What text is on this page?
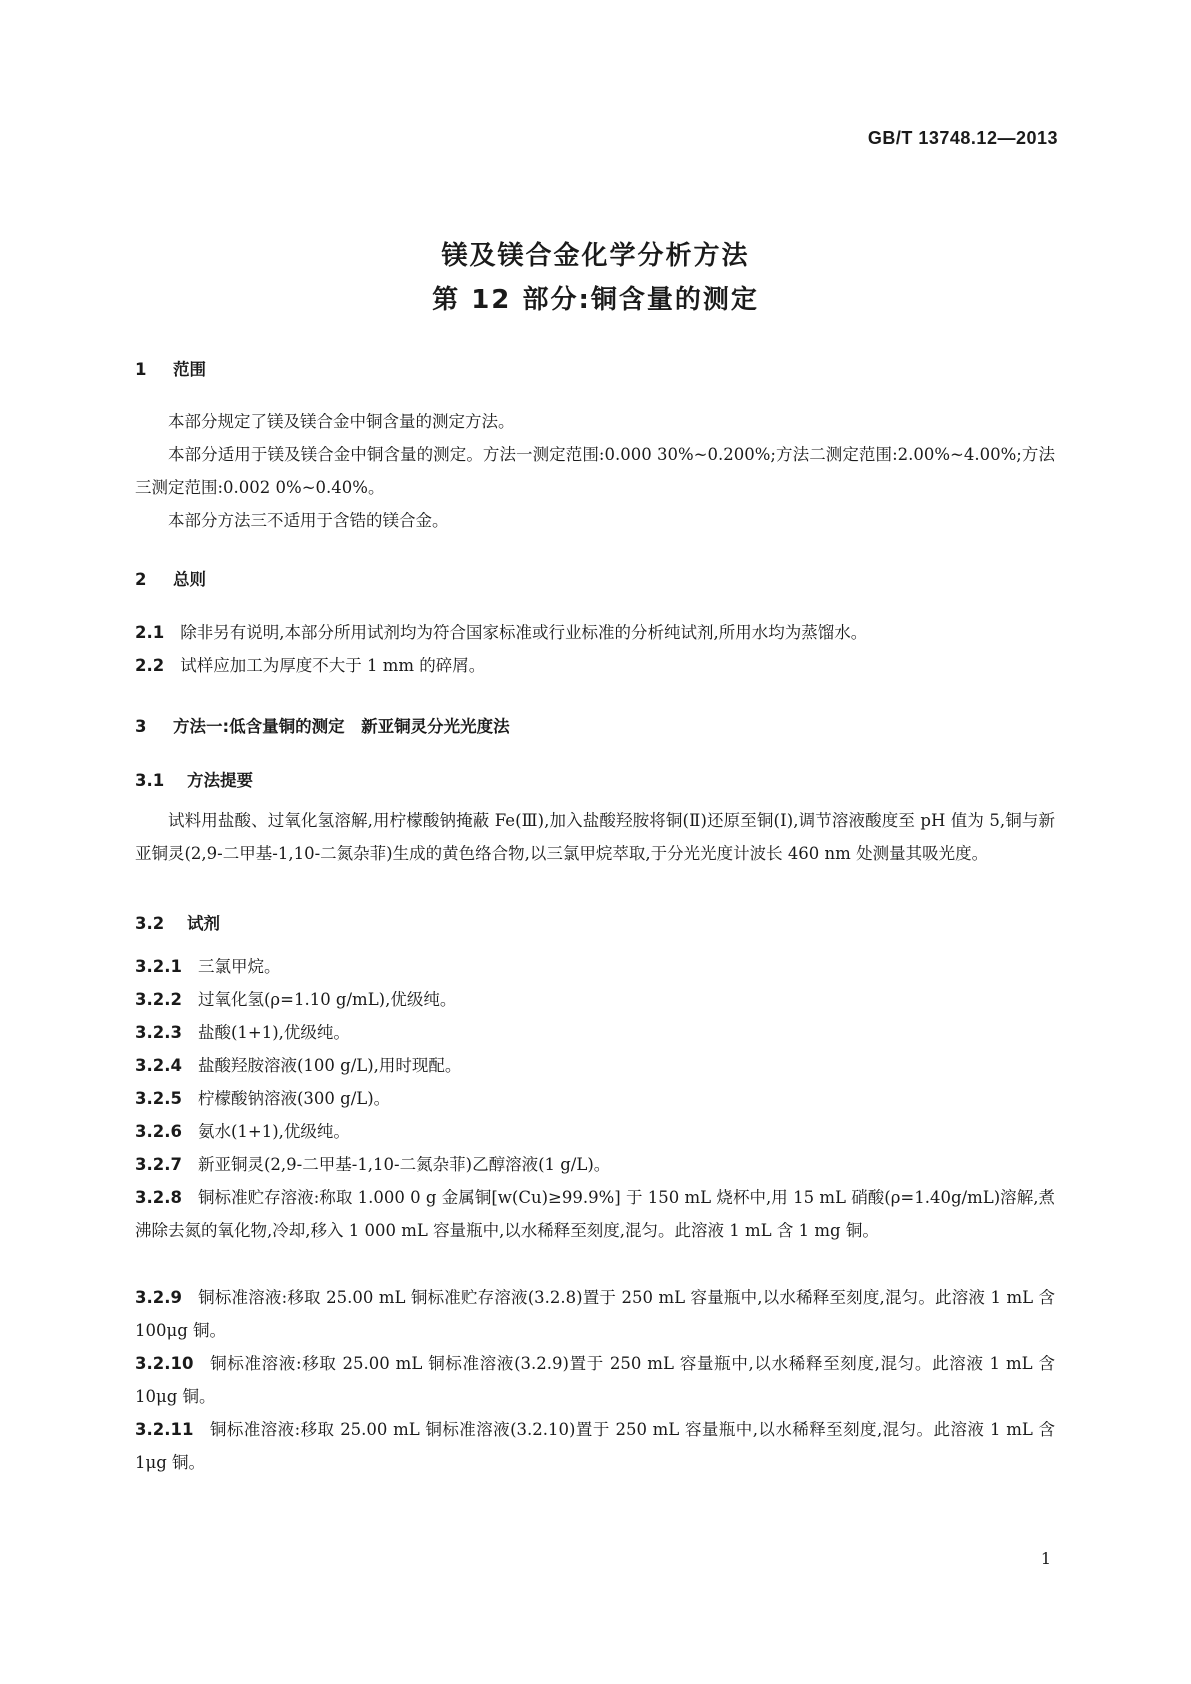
GB/T 13748.12—2013
镁及镁合金化学分析方法
第 12 部分:铜含量的测定
1 范围
本部分规定了镁及镁合金中铜含量的测定方法。
本部分适用于镁及镁合金中铜含量的测定。方法一测定范围:0.000 30%~0.200%;方法二测定范围:2.00%~4.00%;方法三测定范围:0.002 0%~0.40%。
本部分方法三不适用于含锆的镁合金。
2 总则
2.1 除非另有说明,本部分所用试剂均为符合国家标准或行业标准的分析纯试剂,所用水均为蒸馏水。
2.2 试样应加工为厚度不大于 1 mm 的碎屑。
3 方法一:低含量铜的测定　新亚铜灵分光光度法
3.1 方法提要
试料用盐酸、过氧化氢溶解,用柠檬酸钠掩蔽 Fe(Ⅲ),加入盐酸羟胺将铜(Ⅱ)还原至铜(Ⅰ),调节溶液酸度至 pH 值为 5,铜与新亚铜灵(2,9-二甲基-1,10-二氮杂菲)生成的黄色络合物,以三氯甲烷萃取,于分光光度计波长 460 nm 处测量其吸光度。
3.2 试剂
3.2.1 三氯甲烷。
3.2.2 过氧化氢(ρ=1.10 g/mL),优级纯。
3.2.3 盐酸(1+1),优级纯。
3.2.4 盐酸羟胺溶液(100 g/L),用时现配。
3.2.5 柠檬酸钠溶液(300 g/L)。
3.2.6 氨水(1+1),优级纯。
3.2.7 新亚铜灵(2,9-二甲基-1,10-二氮杂菲)乙醇溶液(1 g/L)。
3.2.8 铜标准贮存溶液:称取 1.000 0 g 金属铜[w(Cu)≥99.9%] 于 150 mL 烧杯中,用 15 mL 硝酸(ρ=1.40g/mL)溶解,煮沸除去氮的氧化物,冷却,移入 1 000 mL 容量瓶中,以水稀释至刻度,混匀。此溶液 1 mL 含 1 mg 铜。
3.2.9 铜标准溶液:移取 25.00 mL 铜标准贮存溶液(3.2.8)置于 250 mL 容量瓶中,以水稀释至刻度,混匀。此溶液 1 mL 含 100μg 铜。
3.2.10 铜标准溶液:移取 25.00 mL 铜标准溶液(3.2.9)置于 250 mL 容量瓶中,以水稀释至刻度,混匀。此溶液 1 mL 含 10μg 铜。
3.2.11 铜标准溶液:移取 25.00 mL 铜标准溶液(3.2.10)置于 250 mL 容量瓶中,以水稀释至刻度,混匀。此溶液 1 mL 含 1μg 铜。
1
